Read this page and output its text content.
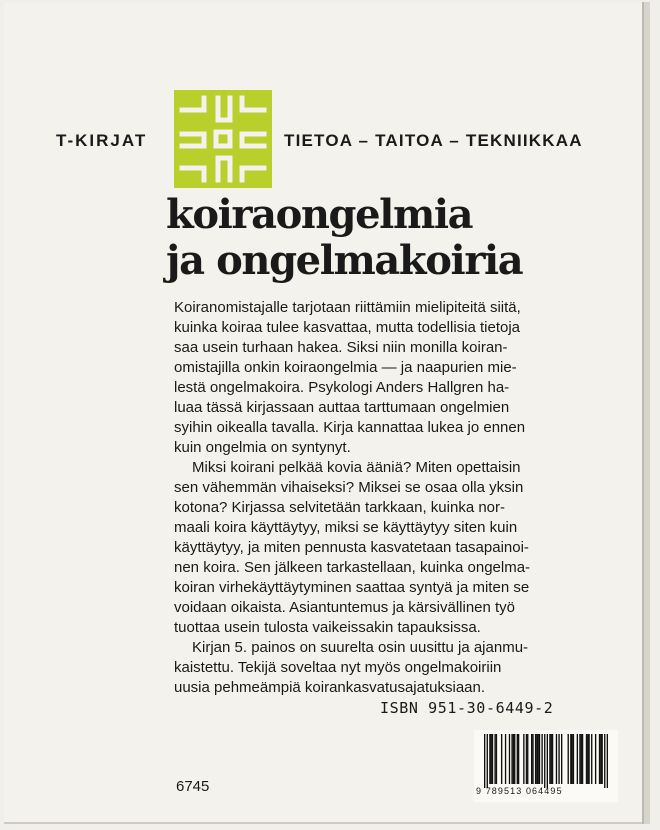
T-KIRJAT	TIETOA – TAITOA – TEKNIIKKAA
koiraongelmia
ja ongelmakoiria

Koiranomistajalle tarjotaan riittämiin mielipiteitä siitä,

kuinka koiraa tulee kasvattaa, mutta todellisia tietoja

saa usein turhaan hakea. Siksi niin monilla koiran-

omistajilla onkin koiraongelmia — ja naapurien mie-

lestä ongelmakoira. Psykologi Anders Hallgren ha-

luaa tässä kirjassaan auttaa tarttumaan ongelmien

syihin oikealla tavalla. Kirja kannattaa lukea jo ennen

kuin ongelmia on syntynyt.

Miksi koirani pelkää kovia ääniä? Miten opettaisin

sen vähemmän vihaiseksi? Miksei se osaa olla yksin

kotona? Kirjassa selvitetään tarkkaan, kuinka nor-

maali koira käyttäytyy, miksi se käyttäytyy siten kuin

käyttäytyy, ja miten pennusta kasvatetaan tasapainoi-

nen koira. Sen jälkeen tarkastellaan, kuinka ongelma-

koiran virhekäyttäytyminen saattaa syntyä ja miten se

voidaan oikaista. Asiantuntemus ja kärsivällinen työ

tuottaa usein tulosta vaikeissakin tapauksissa.

Kirjan 5. painos on suurelta osin uusittu ja ajanmu-

kaistettu. Tekijä soveltaa nyt myös ongelmakoiriin

uusia pehmeämpiä koirankasvatusajatuksiaan.

ISBN 951-30-6449-2
6745	9 789513 064495
